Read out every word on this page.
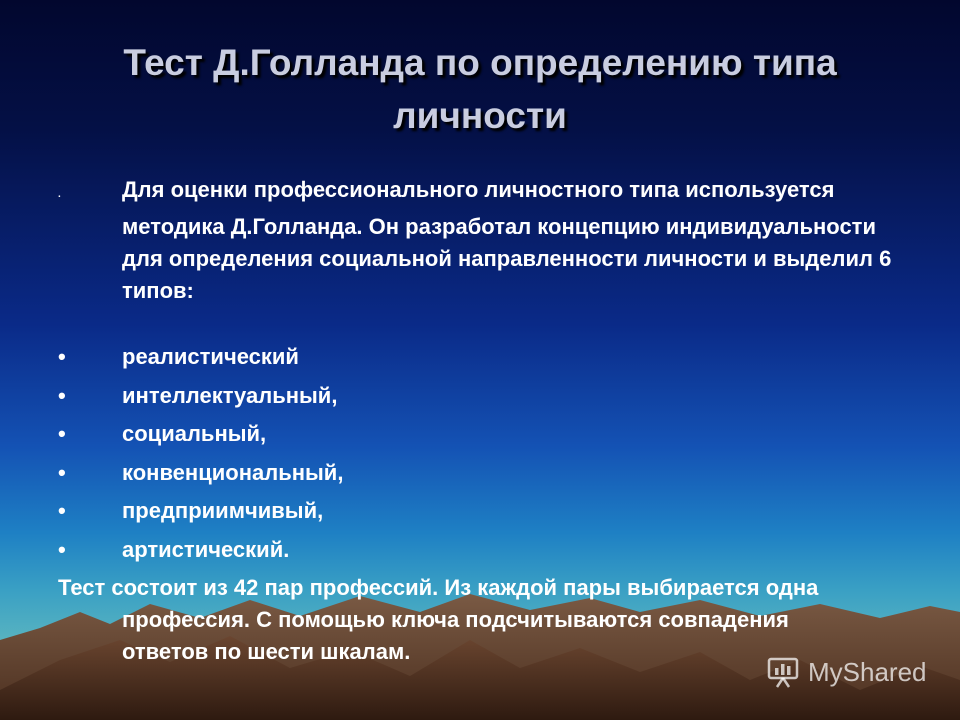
Тест Д.Голланда по определению типа
личности
.	Для оценки профессионального личностного типа используется методика Д.Голланда. Он разработал концепцию индивидуальности для определения социальной направленности личности и выделил 6 типов:
•	реалистический
•	интеллектуальный,
•	социальный,
•	конвенциональный,
•	предприимчивый,
•	артистический.
Тест состоит из 42 пар профессий. Из каждой пары выбирается одна профессия. С помощью ключа подсчитываются совпадения ответов по шести шкалам.
MyShared
